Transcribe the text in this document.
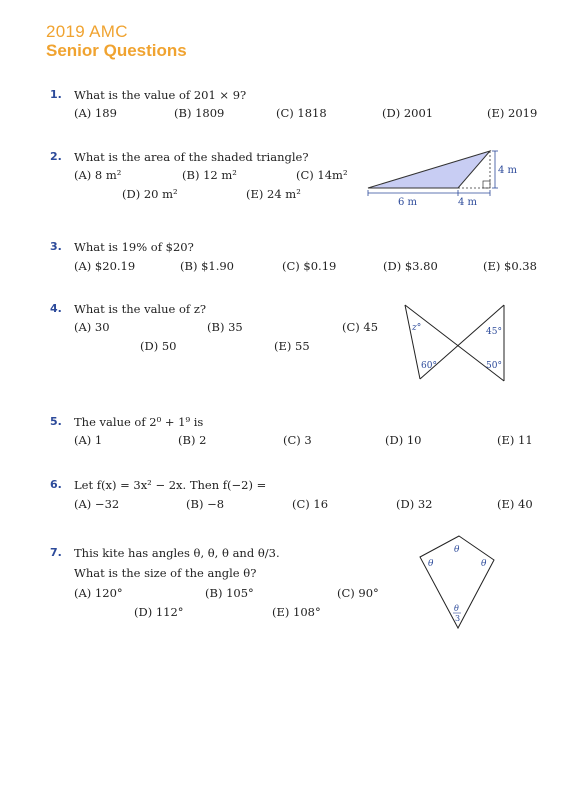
2019 AMC
Senior Questions
1. What is the value of 201 × 9?
(A) 189	(B) 1809	(C) 1818	(D) 2001	(E) 2019
2. What is the area of the shaded triangle?
(A) 8 m²	(B) 12 m²	(C) 14m²
(D) 20 m²	(E) 24 m²
4 m
6 m	4 m
3. What is 19% of $20?
(A) $20.19	(B) $1.90	(C) $0.19	(D) $3.80	(E) $0.38
4. What is the value of z?
(A) 30	(B) 35	(C) 45
(D) 50	(E) 55
z°
60°
45°
50°
5. The value of 2⁰ + 1⁹ is
(A) 1	(B) 2	(C) 3	(D) 10	(E) 11
6. Let f(x) = 3x² − 2x. Then f(−2) =
(A) −32	(B) −8	(C) 16	(D) 32	(E) 40
7. This kite has angles θ, θ, θ and θ/3.
What is the size of the angle θ?
(A) 120°	(B) 105°	(C) 90°
(D) 112°	(E) 108°
θ
θ	θ
θ
3
